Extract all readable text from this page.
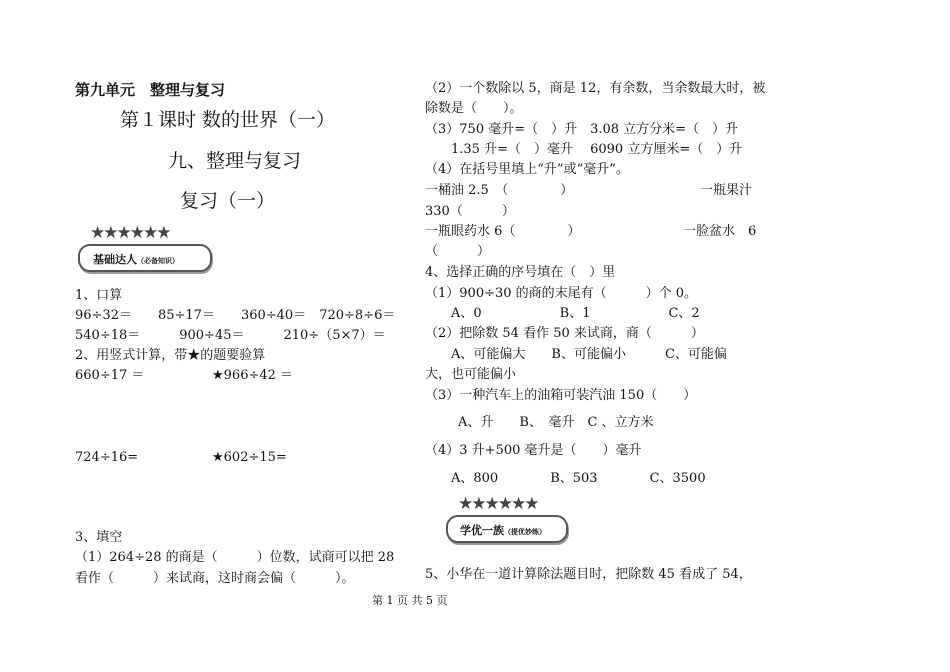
第九单元　整理与复习
第１课时 数的世界（一）
九、整理与复习
复习（一）
★★★★★★
基础达人（必备知识）
1、口算
96÷32＝　　85÷17＝　　360÷40＝　720÷8÷6＝
540÷18＝　　　900÷45＝　　　210÷（5×7）＝
2、用竖式计算，带★的题要验算
660÷17 ＝	★966÷42 ＝
724÷16=	★602÷15=
3、填空
（1）264÷28 的商是（　　　）位数，试商可以把 28
看作（　　　）来试商，这时商会偏（　　　）。
（2）一个数除以 5，商是 12，有余数，当余数最大时，被
除数是（　　）。
（3）750 毫升=（　）升　3.08 立方分米=（　）升
　　1.35 升=（　）毫升　 6090 立方厘米=（　）升
（4）在括号里填上“升”或“毫升”。
一桶油 2.5　（　　　　）	一瓶果汁
330（　　　）
一瓶眼药水 6（　　　　）	一脸盆水　6
（　　　）
4、选择正确的序号填在（　）里
（1）900÷30 的商的末尾有（　　　）个 0。
　　A、0　　　　　　B、1　　　　　　C、2
（2）把除数 54 看作 50 来试商，商（　　　）
　　A、可能偏大　　B、可能偏小　　　C、可能偏
大，也可能偏小
（3）一种汽车上的油箱可装汽油 150（　　）
　　A、升　　B、　毫升　C 、立方米
（4）3 升+500 毫升是（　　）毫升
　　A、800　　　　B、503　　　　C、3500
★★★★★★
学优一族（提优妙练）
5、小华在一道计算除法题目时，把除数 45 看成了 54，
第 1 页 共 5 页
